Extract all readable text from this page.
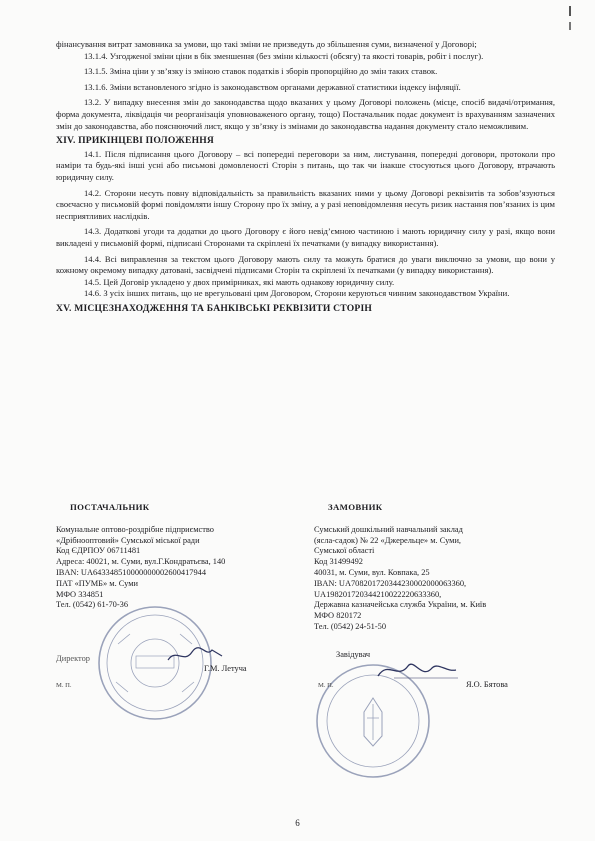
фінансування витрат замовника за умови, що такі зміни не призведуть до збільшення суми, визначеної у Договорі;

13.1.4. Узгодженої зміни ціни в бік зменшення (без зміни кількості (обсягу) та якості товарів, робіт і послуг).

13.1.5. Зміна ціни у зв’язку із зміною ставок податків і зборів пропорційно до змін таких ставок.

13.1.6. Зміни встановленого згідно із законодавством органами державної статистики індексу інфляції.

13.2. У випадку внесення змін до законодавства щодо вказаних у цьому Договорі положень (місце, спосіб видачі/отримання, форма документа, ліквідація чи реорганізація уповноваженого органу, тощо) Постачальник подає документ із врахуванням зазначених змін до законодавства, або пояснюючий лист, якщо у зв’язку із змінами до законодавства надання документу стало неможливим.

XIV. ПРИКІНЦЕВІ ПОЛОЖЕННЯ

14.1. Після підписання цього Договору – всі попередні переговори за ним, листування, попередні договори, протоколи про наміри та будь-які інші усні або письмові домовленості Сторін з питань, що так чи інакше стосуються цього Договору, втрачають юридичну силу.

14.2. Сторони несуть повну відповідальність за правильність вказаних ними у цьому Договорі реквізитів та зобов’язуються своєчасно у письмовій формі повідомляти іншу Сторону про їх зміну, а у разі неповідомлення несуть ризик настання пов’язаних із цим несприятливих наслідків.

14.3. Додаткові угоди та додатки до цього Договору є його невід’ємною частиною і мають юридичну силу у разі, якщо вони викладені у письмовій формі, підписані Сторонами та скріплені їх печатками (у випадку використання).

14.4. Всі виправлення за текстом цього Договору мають силу та можуть братися до уваги виключно за умови, що вони у кожному окремому випадку датовані, засвідчені підписами Сторін та скріплені їх печатками (у випадку використання).

14.5. Цей Договір укладено у двох примірниках, які мають однакову юридичну силу.

14.6. З усіх інших питань, що не врегульовані цим Договором, Сторони керуються чинним законодавством України.

XV. МІСЦЕЗНАХОДЖЕННЯ ТА БАНКІВСЬКІ РЕКВІЗИТИ СТОРІН

ПОСТАЧАЛЬНИК
Комунальне оптово-роздрібне підприємство
«Дрібнооптовий» Сумської міської ради
Код ЄДРПОУ 06711481
Адреса: 40021, м. Суми, вул.Г.Кондратьєва, 140
IBAN: UA643348510000000002600417944
ПАТ «ПУМБ» м. Суми
МФО 334851
Тел. (0542) 61-70-36
ЗАМОВНИК
Сумський дошкільний навчальний заклад
(ясла-садок) № 22 «Джерельце» м. Суми,
Сумської області
Код 31499492
40031, м. Суми, вул. Ковпака, 25
IBAN: UA708201720344230002000063360,
UA198201720344210022220633360,
Державна казначейська служба України, м. Київ
МФО 820172
Тел. (0542) 24-51-50
Директор
Г.М. Летуча
М. П.
Завідувач
Я.О. Бятова
М. П.
6
